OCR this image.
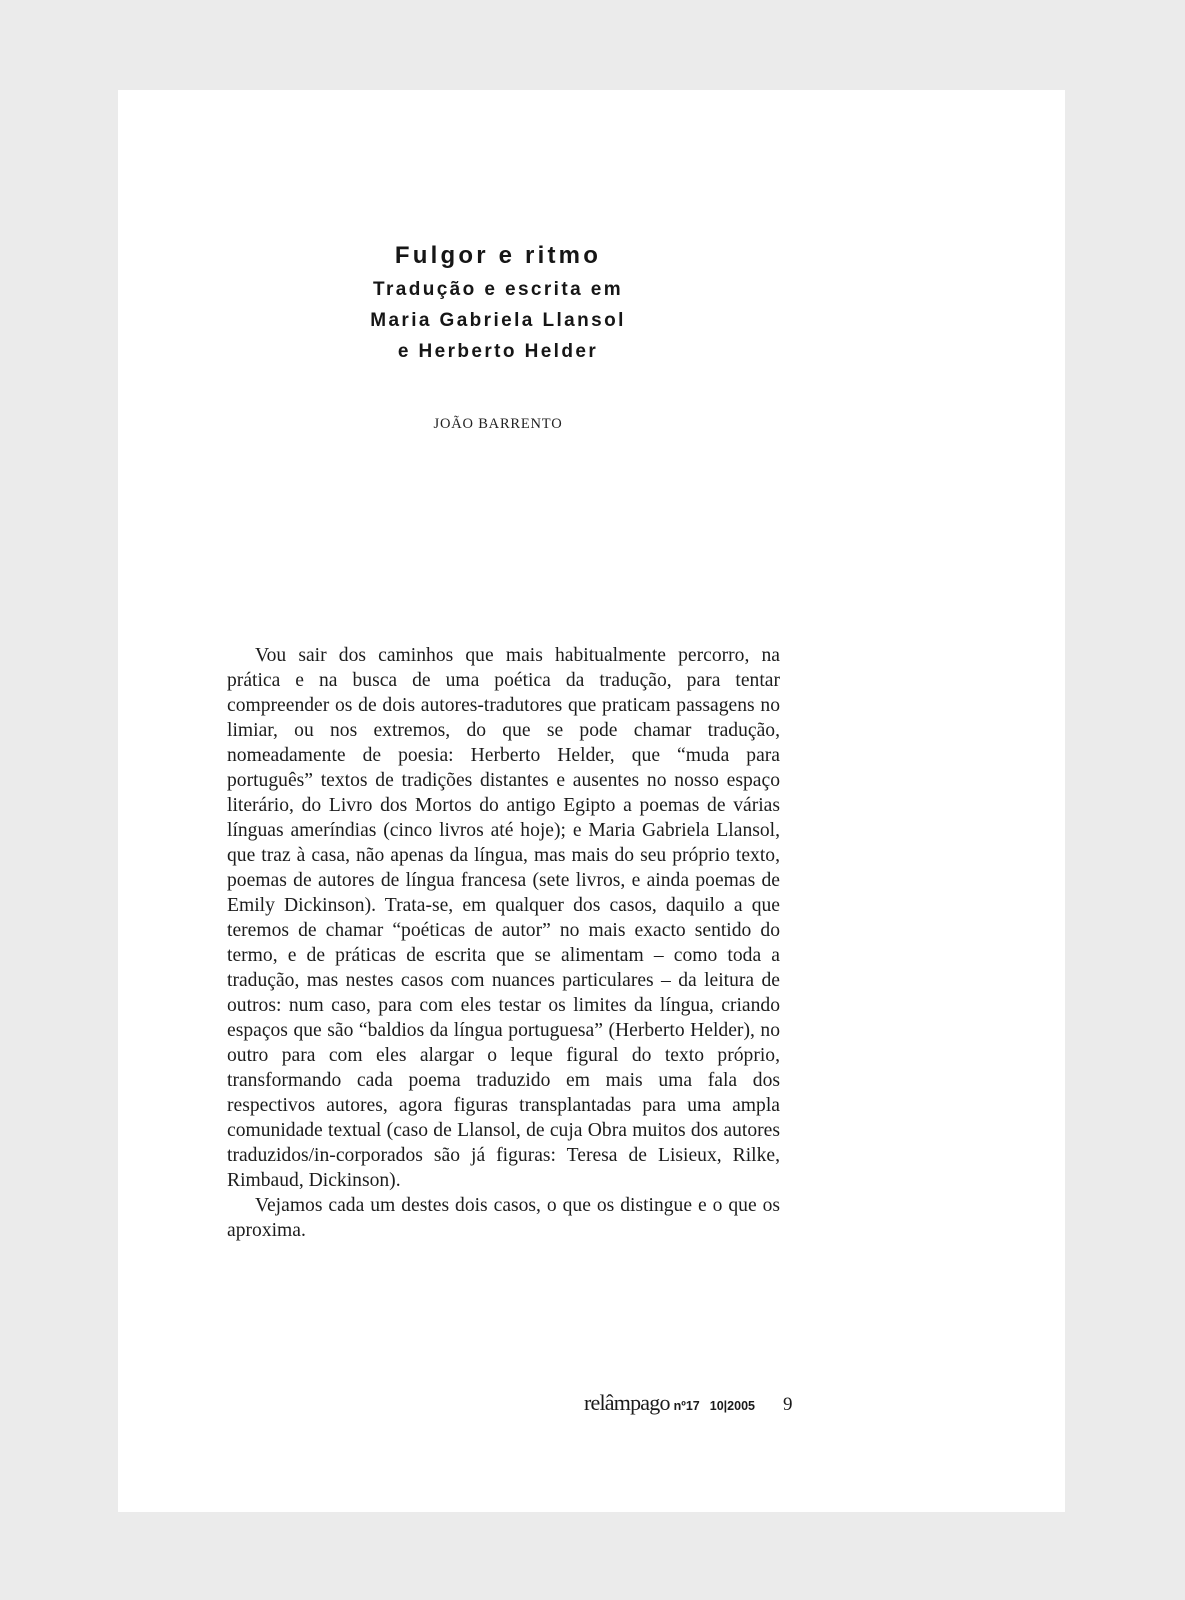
Fulgor e ritmo
Tradução e escrita em
Maria Gabriela Llansol
e Herberto Helder
JOÃO BARRENTO

Vou sair dos caminhos que mais habitualmente percorro, na prática e na busca de uma poética da tradução, para tentar compreender os de dois autores-tradutores que praticam passagens no limiar, ou nos extremos, do que se pode chamar tradução, nomeadamente de poesia: Herberto Helder, que “muda para português” textos de tradições distantes e ausentes no nosso espaço literário, do Livro dos Mortos do antigo Egipto a poemas de várias línguas ameríndias (cinco livros até hoje); e Maria Gabriela Llansol, que traz à casa, não apenas da língua, mas mais do seu próprio texto, poemas de autores de língua francesa (sete livros, e ainda poemas de Emily Dickinson). Trata-se, em qualquer dos casos, daquilo a que teremos de chamar “poéticas de autor” no mais exacto sentido do termo, e de práticas de escrita que se alimentam – como toda a tradução, mas nestes casos com nuances particulares – da leitura de outros: num caso, para com eles testar os limites da língua, criando espaços que são “baldios da língua portuguesa” (Herberto Helder), no outro para com eles alargar o leque figural do texto próprio, transformando cada poema traduzido em mais uma fala dos respectivos autores, agora figuras transplantadas para uma ampla comunidade textual (caso de Llansol, de cuja Obra muitos dos autores traduzidos/in-corporados são já figuras: Teresa de Lisieux, Rilke, Rimbaud, Dickinson).

Vejamos cada um destes dois casos, o que os distingue e o que os aproxima.

relâmpago nº17 10|2005 9
